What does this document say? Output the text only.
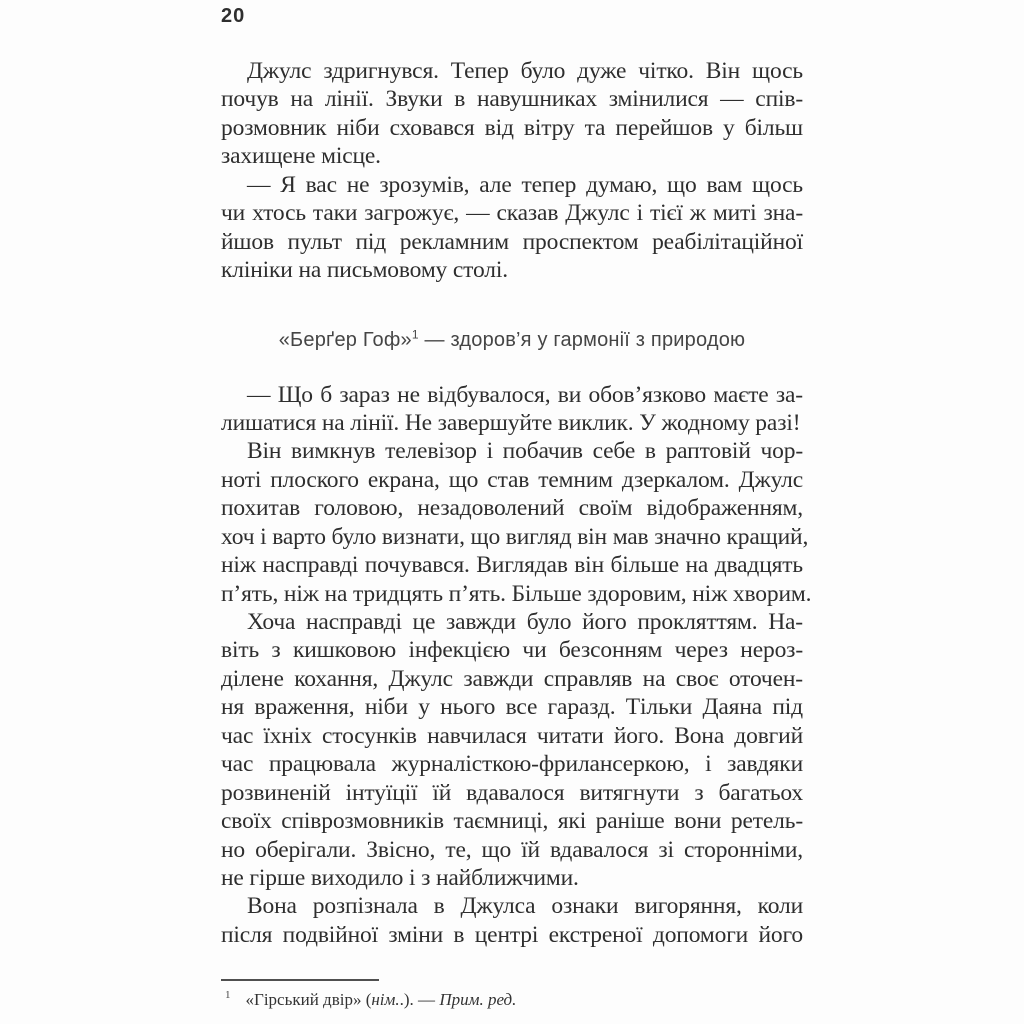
20
Джулс здригнувся. Тепер було дуже чітко. Він щось
почув на лінії. Звуки в навушниках змінилися — спів-
розмовник ніби сховався від вітру та перейшов у більш
захищене місце.
— Я вас не зрозумів, але тепер думаю, що вам щось
чи хтось таки загрожує, — сказав Джулс і тієї ж миті зна-
йшов пульт під рекламним проспектом реабілітаційної
клініки на письмовому столі.
«Берґер Гоф»$^1$ — здоров’я у гармонії з природою
— Що б зараз не відбувалося, ви обов’язково маєте за-
лишатися на лінії. Не завершуйте виклик. У жодному разі!
Він вимкнув телевізор і побачив себе в раптовій чор-
ноті плоского екрана, що став темним дзеркалом. Джулс
похитав головою, незадоволений своїм відображенням,
хоч і варто було визнати, що вигляд він мав значно кращий,
ніж насправді почувався. Виглядав він більше на двадцять
п’ять, ніж на тридцять п’ять. Більше здоровим, ніж хворим.
Хоча насправді це завжди було його прокляттям. На-
віть з кишковою інфекцією чи безсонням через нероз-
ділене кохання, Джулс завжди справляв на своє оточен-
ня враження, ніби у нього все гаразд. Тільки Даяна під
час їхніх стосунків навчилася читати його. Вона довгий
час працювала журналісткою-фрилансеркою, і завдяки
розвиненій інтуїції їй вдавалося витягнути з багатьох
своїх співрозмовників таємниці, які раніше вони ретель-
но оберігали. Звісно, те, що їй вдавалося зі сторонніми,
не гірше виходило і з найближчими.
Вона розпізнала в Джулса ознаки вигоряння, коли
після подвійної зміни в центрі екстреної допомоги його
$^1$ «Гірський двір» (нім..). — Прим. ред.
